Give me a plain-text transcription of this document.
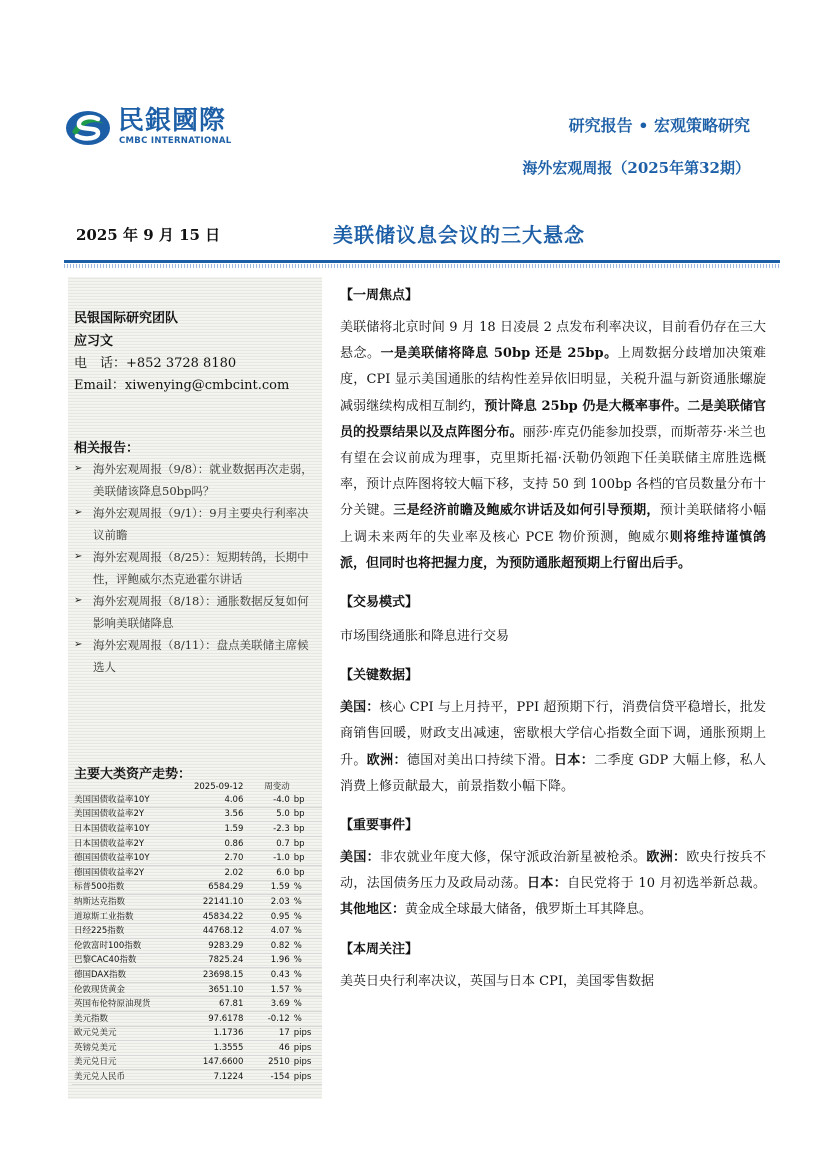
民銀國際
CMBC INTERNATIONAL
研究报告 • 宏观策略研究
海外宏观周报（2025年第32期）
2025 年 9 月 15 日	美联储议息会议的三大悬念
民银国际研究团队
应习文
电　话：+852 3728 8180
Email：xiwenying@cmbcint.com
相关报告：
➢ 海外宏观周报（9/8）：就业数据再次走弱，美联储该降息50bp吗？
➢ 海外宏观周报（9/1）：9月主要央行利率决议前瞻
➢ 海外宏观周报（8/25）：短期转鸽，长期中性，评鲍威尔杰克逊霍尔讲话
➢ 海外宏观周报（8/18）：通胀数据反复如何影响美联储降息
➢ 海外宏观周报（8/11）：盘点美联储主席候选人
主要大类资产走势：
	2025-09-12	周变动	
美国国债收益率10Y	4.06	-4.0	bp
美国国债收益率2Y	3.56	5.0	bp
日本国债收益率10Y	1.59	-2.3	bp
日本国债收益率2Y	0.86	0.7	bp
德国国债收益率10Y	2.70	-1.0	bp
德国国债收益率2Y	2.02	6.0	bp
标普500指数	6584.29	1.59	%
纳斯达克指数	22141.10	2.03	%
道琼斯工业指数	45834.22	0.95	%
日经225指数	44768.12	4.07	%
伦敦富时100指数	9283.29	0.82	%
巴黎CAC40指数	7825.24	1.96	%
德国DAX指数	23698.15	0.43	%
伦敦现货黄金	3651.10	1.57	%
英国布伦特原油现货	67.81	3.69	%
美元指数	97.6178	-0.12	%
欧元兑美元	1.1736	17	pips
英镑兑美元	1.3555	46	pips
美元兑日元	147.6600	2510	pips
美元兑人民币	7.1224	-154	pips
【一周焦点】
美联储将北京时间 9 月 18 日凌晨 2 点发布利率决议，目前看仍存在三大悬念。一是美联储将降息 50bp 还是 25bp。上周数据分歧增加决策难度，CPI 显示美国通胀的结构性差异依旧明显，关税升温与新资通胀螺旋减弱继续构成相互制约，预计降息 25bp 仍是大概率事件。二是美联储官员的投票结果以及点阵图分布。丽莎·库克仍能参加投票，而斯蒂芬·米兰也有望在会议前成为理事，克里斯托福·沃勒仍领跑下任美联储主席胜选概率，预计点阵图将较大幅下移，支持 50 到 100bp 各档的官员数量分布十分关键。三是经济前瞻及鲍威尔讲话及如何引导预期，预计美联储将小幅上调未来两年的失业率及核心 PCE 物价预测，鲍威尔则将维持谨慎鸽派，但同时也将把握力度，为预防通胀超预期上行留出后手。
【交易模式】
市场围绕通胀和降息进行交易
【关键数据】
美国：核心 CPI 与上月持平，PPI 超预期下行，消费信贷平稳增长，批发商销售回暖，财政支出减速，密歇根大学信心指数全面下调，通胀预期上升。欧洲：德国对美出口持续下滑。日本：二季度 GDP 大幅上修，私人消费上修贡献最大，前景指数小幅下降。
【重要事件】
美国：非农就业年度大修，保守派政治新星被枪杀。欧洲：欧央行按兵不动，法国债务压力及政局动荡。日本：自民党将于 10 月初选举新总裁。其他地区：黄金成全球最大储备，俄罗斯土耳其降息。
【本周关注】
美英日央行利率决议，英国与日本 CPI，美国零售数据
